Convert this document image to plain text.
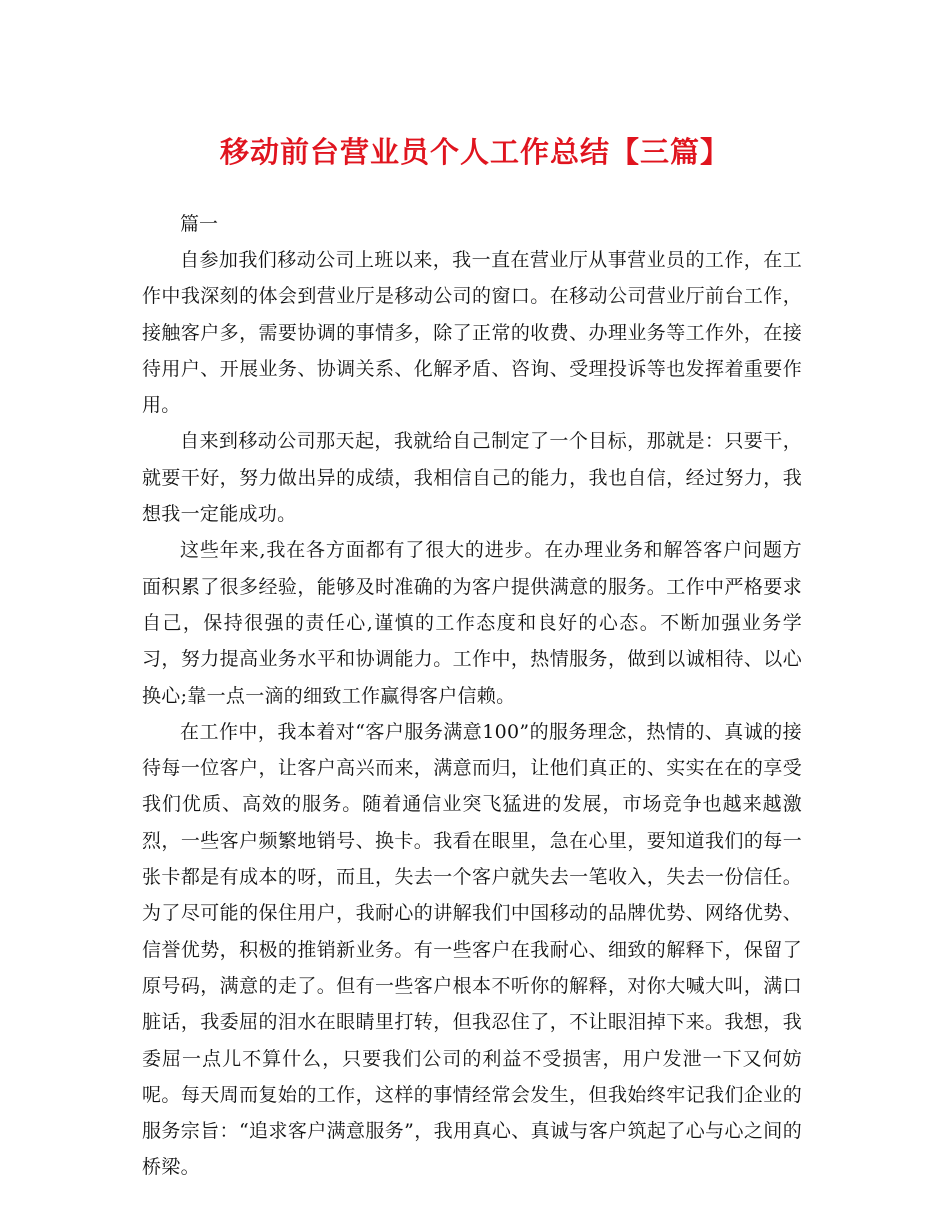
移动前台营业员个人工作总结【三篇】

篇一

自参加我们移动公司上班以来，我一直在营业厅从事营业员的工作，在工作中我深刻的体会到营业厅是移动公司的窗口。在移动公司营业厅前台工作，接触客户多，需要协调的事情多，除了正常的收费、办理业务等工作外，在接待用户、开展业务、协调关系、化解矛盾、咨询、受理投诉等也发挥着重要作用。

自来到移动公司那天起，我就给自己制定了一个目标，那就是：只要干，就要干好，努力做出异的成绩，我相信自己的能力，我也自信，经过努力，我想我一定能成功。

这些年来,我在各方面都有了很大的进步。在办理业务和解答客户问题方面积累了很多经验，能够及时准确的为客户提供满意的服务。工作中严格要求自己，保持很强的责任心,谨慎的工作态度和良好的心态。不断加强业务学习，努力提高业务水平和协调能力。工作中，热情服务，做到以诚相待、以心换心;靠一点一滴的细致工作赢得客户信赖。

在工作中，我本着对“客户服务满意100”的服务理念，热情的、真诚的接待每一位客户，让客户高兴而来，满意而归，让他们真正的、实实在在的享受我们优质、高效的服务。随着通信业突飞猛进的发展，市场竞争也越来越激烈，一些客户频繁地销号、换卡。我看在眼里，急在心里，要知道我们的每一张卡都是有成本的呀，而且，失去一个客户就失去一笔收入，失去一份信任。为了尽可能的保住用户，我耐心的讲解我们中国移动的品牌优势、网络优势、信誉优势，积极的推销新业务。有一些客户在我耐心、细致的解释下，保留了原号码，满意的走了。但有一些客户根本不听你的解释，对你大喊大叫，满口脏话，我委屈的泪水在眼睛里打转，但我忍住了，不让眼泪掉下来。我想，我委屈一点儿不算什么，只要我们公司的利益不受损害，用户发泄一下又何妨呢。每天周而复始的工作，这样的事情经常会发生，但我始终牢记我们企业的服务宗旨：“追求客户满意服务”，我用真心、真诚与客户筑起了心与心之间的桥梁。
